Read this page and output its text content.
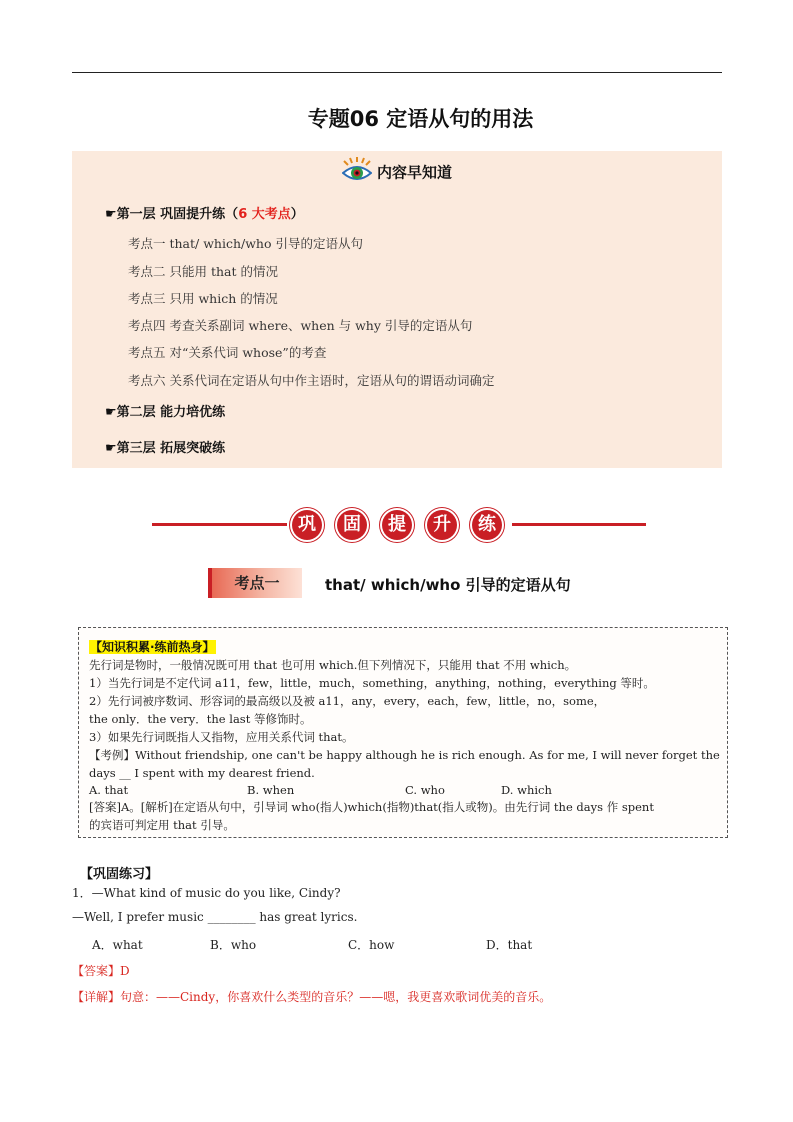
专题06 定语从句的用法
内容早知道
☛第一层 巩固提升练（6 大考点）
考点一 that/ which/who 引导的定语从句
考点二 只能用 that 的情况
考点三 只用 which 的情况
考点四 考查关系副词 where、when 与 why 引导的定语从句
考点五 对“关系代词 whose”的考查
考点六 关系代词在定语从句中作主语时，定语从句的谓语动词确定
☛第二层 能力培优练
☛第三层 拓展突破练
巩	固	提	升	练
考点一	that/ which/who 引导的定语从句
【知识积累·练前热身】
先行词是物时，一般情况既可用 that 也可用 which.但下列情况下，只能用 that 不用 which。
1）当先行词是不定代词 a11，few，little，much，something，anything，nothing，everything 等时。
2）先行词被序数词、形容词的最高级以及被 a11，any，every，each，few，little，no，some，
the only．the very．the last 等修饰时。
3）如果先行词既指人又指物，应用关系代词 that。
【考例】Without friendship, one can't be happy although he is rich enough. As for me, I will never forget the
days __ I spent with my dearest friend.
A. that	B. when	C. who	D. which
[答案]A。[解析]在定语从句中，引导词 who(指人)which(指物)that(指人或物)。由先行词 the days 作 spent
的宾语可判定用 that 引导。
【巩固练习】
1．—What kind of music do you like, Cindy?
—Well, I prefer music ________ has great lyrics.
A．what	B．who	C．how	D．that
【答案】D
【详解】句意：——Cindy，你喜欢什么类型的音乐？——嗯，我更喜欢歌词优美的音乐。
